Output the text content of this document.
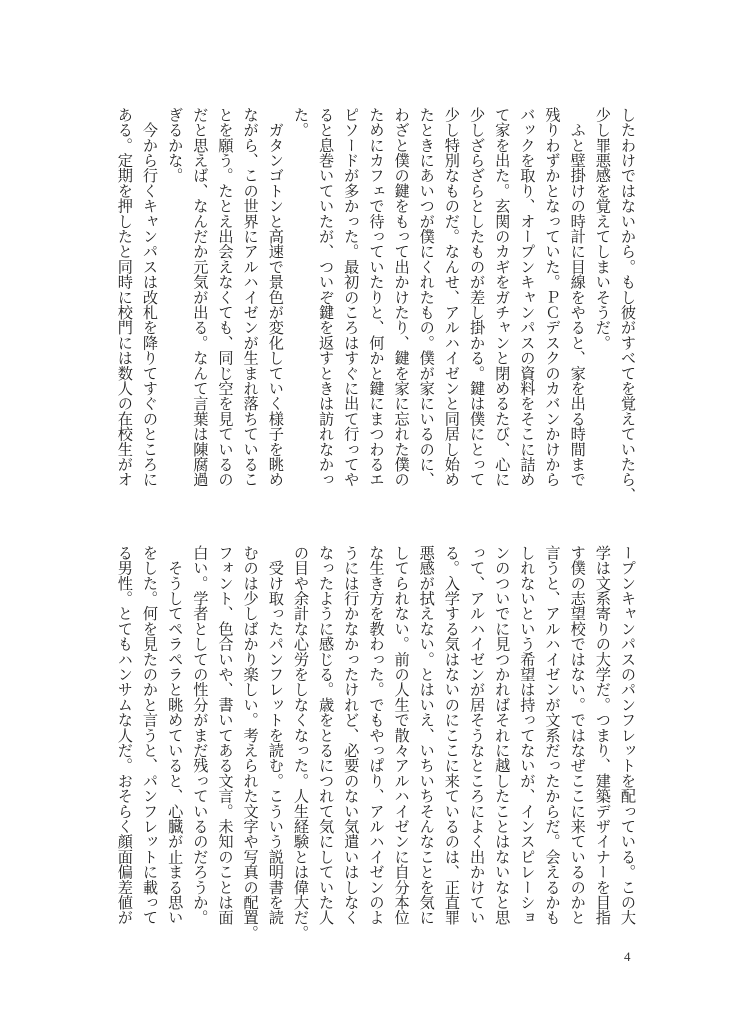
したわけではないから。もし彼がすべてを覚えていたら、
少し罪悪感を覚えてしまいそうだ。
　ふと壁掛けの時計に目線をやると、家を出る時間まで
残りわずかとなっていた。ＰＣデスクのカバンかけから
バックを取り、オープンキャンパスの資料をそこに詰め
て家を出た。玄関のカギをガチャンと閉めるたび、心に
少しざらざらとしたものが差し掛かる。鍵は僕にとって
少し特別なものだ。なんせ、アルハイゼンと同居し始め
たときにあいつが僕にくれたもの。僕が家にいるのに、
わざと僕の鍵をもって出かけたり、鍵を家に忘れた僕の
ためにカフェで待っていたりと、何かと鍵にまつわるエ
ピソードが多かった。最初のころはすぐに出て行ってや
ると息巻いていたが、ついぞ鍵を返すときは訪れなかっ
た。
　ガタンゴトンと高速で景色が変化していく様子を眺め
ながら、この世界にアルハイゼンが生まれ落ちているこ
とを願う。たとえ出会えなくても、同じ空を見ているの
だと思えば、なんだか元気が出る。なんて言葉は陳腐過
ぎるかな。
　今から行くキャンパスは改札を降りてすぐのところに
ある。定期を押したと同時に校門には数人の在校生がオ
ープンキャンパスのパンフレットを配っている。この大
学は文系寄りの大学だ。つまり、建築デザイナーを目指
す僕の志望校ではない。ではなぜここに来ているのかと
言うと、アルハイゼンが文系だったからだ。会えるかも
しれないという希望は持ってないが、インスピレーショ
ンのついでに見つかればそれに越したことはないなと思
って、アルハイゼンが居そうなところによく出かけてい
る。入学する気はないのにここに来ているのは、正直罪
悪感が拭えない。とはいえ、いちいちそんなことを気に
してられない。前の人生で散々アルハイゼンに自分本位
な生き方を教わった。でもやっぱり、アルハイゼンのよ
うには行かなかったけれど、必要のない気遣いはしなく
なったように感じる。歳をとるにつれて気にしていた人
の目や余計な心労をしなくなった。人生経験とは偉大だ。
　受け取ったパンフレットを読む。こういう説明書を読
むのは少しばかり楽しい。考えられた文字や写真の配置。
フォント、色合いや、書いてある文言。未知のことは面
白い。学者としての性分がまだ残っているのだろうか。
　そうしてペラペラと眺めていると、心臓が止まる思い
をした。何を見たのかと言うと、パンフレットに載って
る男性。とてもハンサムな人だ。おそらく顔面偏差値が
4
